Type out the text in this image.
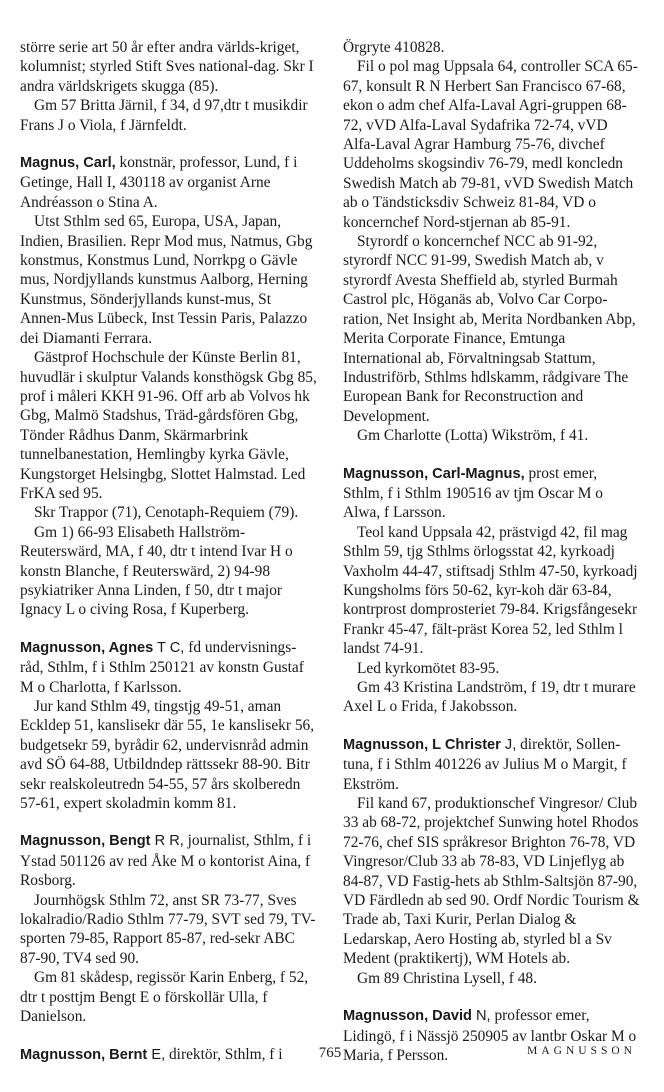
större serie art 50 år efter andra världs-kriget, kolumnist; styrled Stift Sves national-dag. Skr I andra världskrigets skugga (85).

Gm 57 Britta Järnil, f 34, d 97,dtr t musikdir Frans J o Viola, f Järnfeldt.

Magnus, Carl, konstnär, professor, Lund, f i Getinge, Hall I, 430118 av organist Arne Andréasson o Stina A.

Utst Sthlm sed 65, Europa, USA, Japan, Indien, Brasilien. Repr Mod mus, Natmus, Gbg konstmus, Konstmus Lund, Norrkpg o Gävle mus, Nordjyllands kunstmus Aalborg, Herning Kunstmus, Sönderjyllands kunst-mus, St Annen-Mus Lübeck, Inst Tessin Paris, Palazzo dei Diamanti Ferrara.

Gästprof Hochschule der Künste Berlin 81, huvudlär i skulptur Valands konsthögsk Gbg 85, prof i måleri KKH 91-96. Off arb ab Volvos hk Gbg, Malmö Stadshus, Träd-gårdsfören Gbg, Tönder Rådhus Danm, Skärmarbrink tunnelbanestation, Hemlingby kyrka Gävle, Kungstorget Helsingbg, Slottet Halmstad. Led FrKA sed 95.

Skr Trappor (71), Cenotaph-Requiem (79).

Gm 1) 66-93 Elisabeth Hallström-Reuterswärd, MA, f 40, dtr t intend Ivar H o konstn Blanche, f Reuterswärd, 2) 94-98 psykiatriker Anna Linden, f 50, dtr t major Ignacy L o civing Rosa, f Kuperberg.

Magnusson, Agnes T C, fd undervisnings-råd, Sthlm, f i Sthlm 250121 av konstn Gustaf M o Charlotta, f Karlsson.

Jur kand Sthlm 49, tingstjg 49-51, aman Eckldep 51, kanslisekr där 55, 1e kanslisekr 56, budgetsekr 59, byrådir 62, undervisnråd admin avd SÖ 64-88, Utbildndep rättssekr 88-90. Bitr sekr realskoleutredn 54-55, 57 års skolberedn 57-61, expert skoladmin komm 81.

Magnusson, Bengt R R, journalist, Sthlm, f i Ystad 501126 av red Åke M o kontorist Aina, f Rosborg.

Journhögsk Sthlm 72, anst SR 73-77, Sves lokalradio/Radio Sthlm 77-79, SVT sed 79, TV-sporten 79-85, Rapport 85-87, red-sekr ABC 87-90, TV4 sed 90.

Gm 81 skådesp, regissör Karin Enberg, f 52, dtr t posttjm Bengt E o förskollär Ulla, f Danielson.

Magnusson, Bernt E, direktör, Sthlm, f i

Örgryte 410828.

Fil o pol mag Uppsala 64, controller SCA 65-67, konsult R N Herbert San Francisco 67-68, ekon o adm chef Alfa-Laval Agri-gruppen 68-72, vVD Alfa-Laval Sydafrika 72-74, vVD Alfa-Laval Agrar Hamburg 75-76, divchef Uddeholms skogsindiv 76-79, medl koncledn Swedish Match ab 79-81, vVD Swedish Match ab o Tändsticksdiv Schweiz 81-84, VD o koncernchef Nord-stjernan ab 85-91.

Styrordf o koncernchef NCC ab 91-92, styrordf NCC 91-99, Swedish Match ab, v styrordf Avesta Sheffield ab, styrled Burmah Castrol plc, Höganäs ab, Volvo Car Corpo-ration, Net Insight ab, Merita Nordbanken Abp, Merita Corporate Finance, Emtunga International ab, Förvaltningsab Stattum, Industriförb, Sthlms hdlskamm, rådgivare The European Bank for Reconstruction and Development.

Gm Charlotte (Lotta) Wikström, f 41.

Magnusson, Carl-Magnus, prost emer, Sthlm, f i Sthlm 190516 av tjm Oscar M o Alwa, f Larsson.

Teol kand Uppsala 42, prästvigd 42, fil mag Sthlm 59, tjg Sthlms örlogsstat 42, kyrkoadj Vaxholm 44-47, stiftsadj Sthlm 47-50, kyrkoadj Kungsholms förs 50-62, kyr-koh där 63-84, kontrprost domprosteriet 79-84. Krigsfångesekr Frankr 45-47, fält-präst Korea 52, led Sthlm l landst 74-91.

Led kyrkomötet 83-95.

Gm 43 Kristina Landström, f 19, dtr t murare Axel L o Frida, f Jakobsson.

Magnusson, L Christer J, direktör, Sollen-tuna, f i Sthlm 401226 av Julius M o Margit, f Ekström.

Fil kand 67, produktionschef Vingresor/ Club 33 ab 68-72, projektchef Sunwing hotel Rhodos 72-76, chef SIS språkresor Brighton 76-78, VD Vingresor/Club 33 ab 78-83, VD Linjeflyg ab 84-87, VD Fastig-hets ab Sthlm-Saltsjön 87-90, VD Färdledn ab sed 90. Ordf Nordic Tourism & Trade ab, Taxi Kurir, Perlan Dialog & Ledarskap, Aero Hosting ab, styrled bl a Sv Medent (praktikertj), WM Hotels ab.

Gm 89 Christina Lysell, f 48.

Magnusson, David N, professor emer, Lidingö, f i Nässjö 250905 av lantbr Oskar M o Maria, f Persson.

765	MAGNUSSON
